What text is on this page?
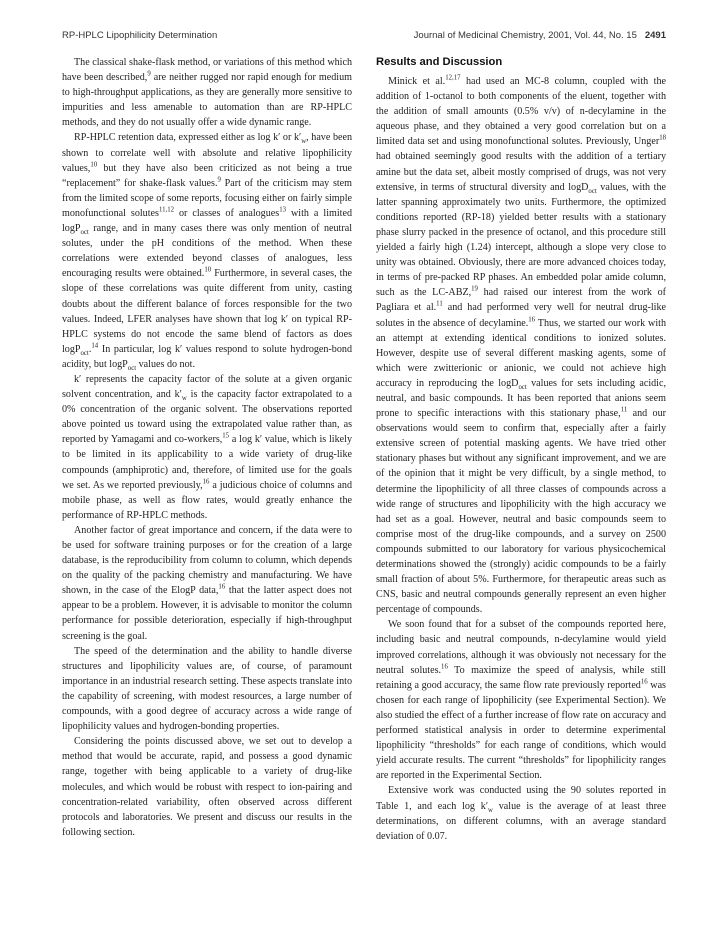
RP-HPLC Lipophilicity Determination	Journal of Medicinal Chemistry, 2001, Vol. 44, No. 15 2491

The classical shake-flask method, or variations of this method which have been described,$^9$ are neither rugged nor rapid enough for medium to high-throughput applications, as they are generally more sensitive to impurities and less amenable to automation than are RP-HPLC methods, and they do not usually offer a wide dynamic range.

RP-HPLC retention data, expressed either as log k′ or $k'_w$, have been shown to correlate well with absolute and relative lipophilicity values,$^{10}$ but they have also been criticized as not being a true “replacement” for shake-flask values.$^9$ Part of the criticism may stem from the limited scope of some reports, focusing either on fairly simple monofunctional solutes$^{11,12}$ or classes of analogues$^{13}$ with a limited logP$_{oct}$ range, and in many cases there was only mention of neutral solutes, under the pH conditions of the method. When these correlations were extended beyond classes of analogues, less encouraging results were obtained.$^{10}$ Furthermore, in several cases, the slope of these correlations was quite different from unity, casting doubts about the different balance of forces responsible for the two values. Indeed, LFER analyses have shown that log k′ on typical RP-HPLC systems do not encode the same blend of factors as does logP$_{oct}$.$^{14}$ In particular, log k′ values respond to solute hydrogen-bond acidity, but logP$_{oct}$ values do not.

k′ represents the capacity factor of the solute at a given organic solvent concentration, and $k'_w$ is the capacity factor extrapolated to a 0% concentration of the organic solvent. The observations reported above pointed us toward using the extrapolated value rather than, as reported by Yamagami and co-workers,$^{15}$ a log k′ value, which is likely to be limited in its applicability to a wide variety of drug-like compounds (amphiprotic) and, therefore, of limited use for the goals we set. As we reported previously,$^{16}$ a judicious choice of columns and mobile phase, as well as flow rates, would greatly enhance the performance of RP-HPLC methods.

Another factor of great importance and concern, if the data were to be used for software training purposes or for the creation of a large database, is the reproducibility from column to column, which depends on the quality of the packing chemistry and manufacturing. We have shown, in the case of the ElogP data,$^{16}$ that the latter aspect does not appear to be a problem. However, it is advisable to monitor the column performance for possible deterioration, especially if high-throughput screening is the goal.

The speed of the determination and the ability to handle diverse structures and lipophilicity values are, of course, of paramount importance in an industrial research setting. These aspects translate into the capability of screening, with modest resources, a large number of compounds, with a good degree of accuracy across a wide range of lipophilicity values and hydrogen-bonding properties.

Considering the points discussed above, we set out to develop a method that would be accurate, rapid, and possess a good dynamic range, together with being applicable to a variety of drug-like molecules, and which would be robust with respect to ion-pairing and concentration-related variability, often observed across different protocols and laboratories. We present and discuss our results in the following section.

Results and Discussion

Minick et al.$^{12,17}$ had used an MC-8 column, coupled with the addition of 1-octanol to both components of the eluent, together with the addition of small amounts (0.5% v/v) of n-decylamine in the aqueous phase, and they obtained a very good correlation but on a limited data set and using monofunctional solutes. Previously, Unger$^{18}$ had obtained seemingly good results with the addition of a tertiary amine but the data set, albeit mostly comprised of drugs, was not very extensive, in terms of structural diversity and logD$_{oct}$ values, with the latter spanning approximately two units. Furthermore, the optimized conditions reported (RP-18) yielded better results with a stationary phase slurry packed in the presence of octanol, and this procedure still yielded a fairly high (1.24) intercept, although a slope very close to unity was obtained. Obviously, there are more advanced choices today, in terms of pre-packed RP phases. An embedded polar amide column, such as the LC-ABZ,$^{19}$ had raised our interest from the work of Pagliara et al.$^{11}$ and had performed very well for neutral drug-like solutes in the absence of decylamine.$^{16}$ Thus, we started our work with an attempt at extending identical conditions to ionized solutes. However, despite use of several different masking agents, some of which were zwitterionic or anionic, we could not achieve high accuracy in reproducing the logD$_{oct}$ values for sets including acidic, neutral, and basic compounds. It has been reported that anions seem prone to specific interactions with this stationary phase,$^{11}$ and our observations would seem to confirm that, especially after a fairly extensive screen of potential masking agents. We have tried other stationary phases but without any significant improvement, and we are of the opinion that it might be very difficult, by a single method, to determine the lipophilicity of all three classes of compounds across a wide range of structures and lipophilicity with the high accuracy we had set as a goal. However, neutral and basic compounds seem to comprise most of the drug-like compounds, and a survey on 2500 compounds submitted to our laboratory for various physicochemical determinations showed the (strongly) acidic compounds to be a fairly small fraction of about 5%. Furthermore, for therapeutic areas such as CNS, basic and neutral compounds generally represent an even higher percentage of compounds.

We soon found that for a subset of the compounds reported here, including basic and neutral compounds, n-decylamine would yield improved correlations, although it was obviously not necessary for the neutral solutes.$^{16}$ To maximize the speed of analysis, while still retaining a good accuracy, the same flow rate previously reported$^{16}$ was chosen for each range of lipophilicity (see Experimental Section). We also studied the effect of a further increase of flow rate on accuracy and performed statistical analysis in order to determine experimental lipophilicity “thresholds” for each range of conditions, which would yield accurate results. The current “thresholds” for lipophilicity ranges are reported in the Experimental Section.

Extensive work was conducted using the 90 solutes reported in Table 1, and each $\log k'_w$ value is the average of at least three determinations, on different columns, with an average standard deviation of 0.07.
